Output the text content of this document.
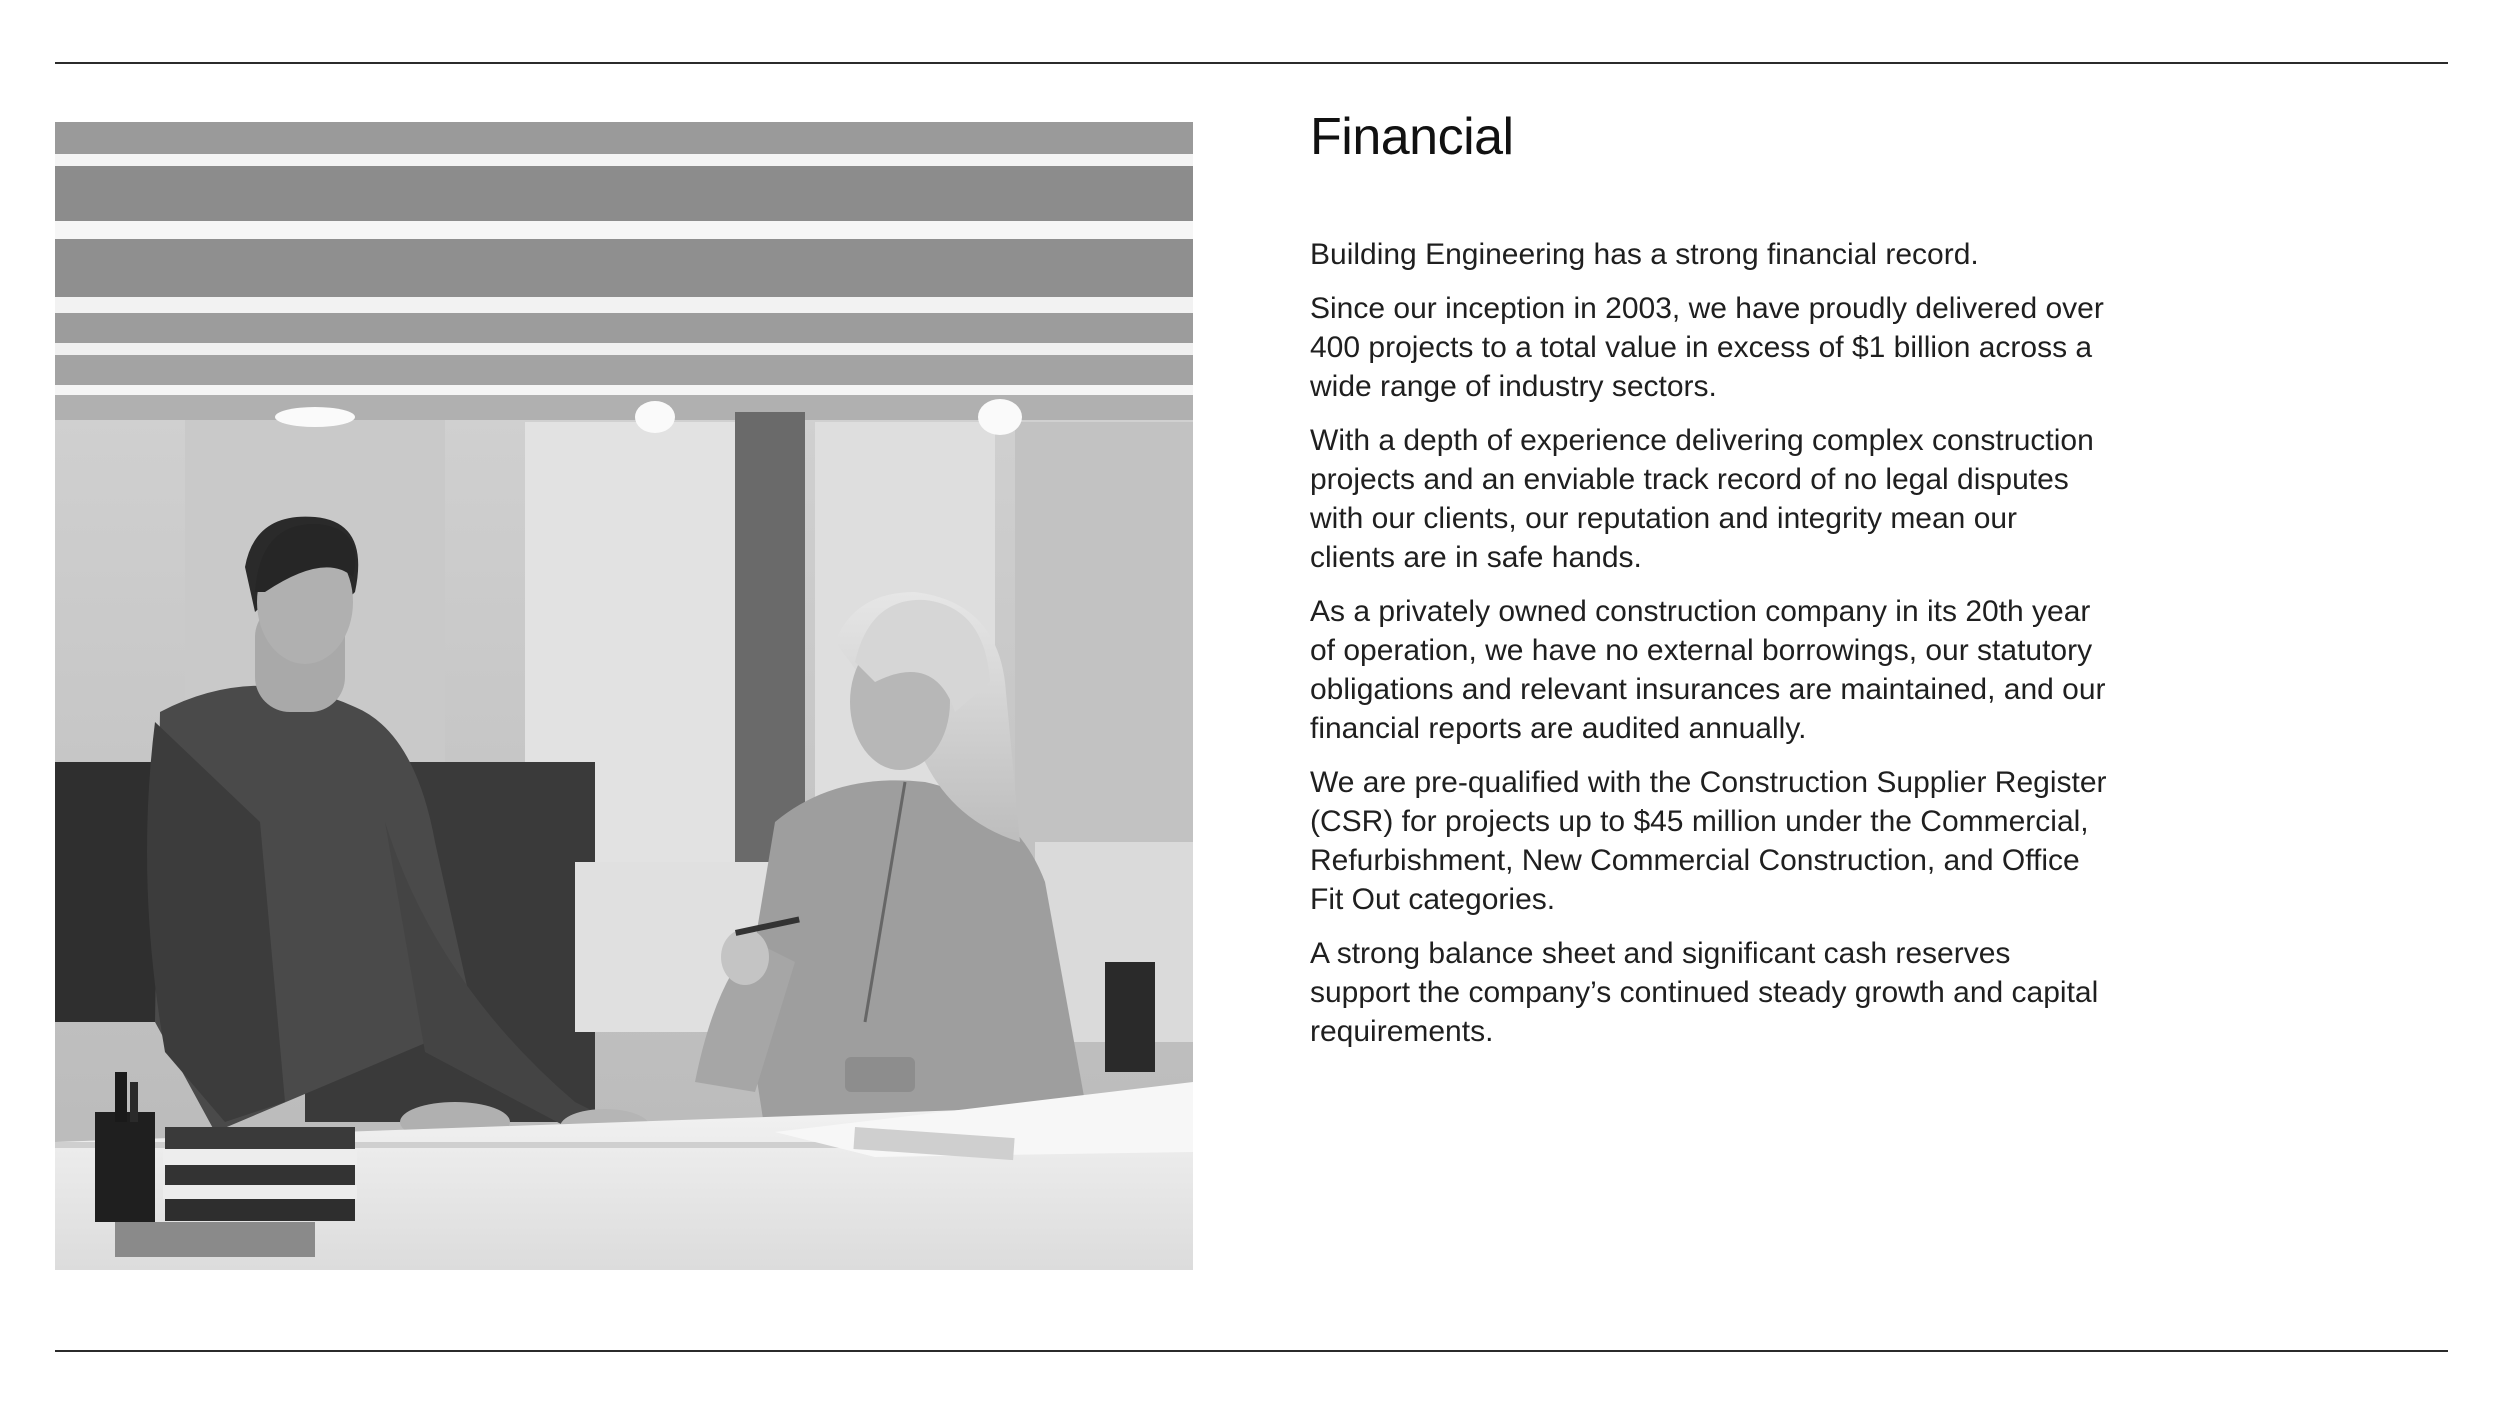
Financial

Building Engineering has a strong financial record.

Since our inception in 2003, we have proudly delivered over 400 projects to a total value in excess of $1 billion across a wide range of industry sectors.

With a depth of experience delivering complex construction projects and an enviable track record of no legal disputes with our clients, our reputation and integrity mean our clients are in safe hands.

As a privately owned construction company in its 20th year of operation, we have no external borrowings, our statutory obligations and relevant insurances are maintained, and our financial reports are audited annually.

We are pre-qualified with the Construction Supplier Register (CSR) for projects up to $45 million under the Commercial, Refurbishment, New Commercial Construction, and Office Fit Out categories.

A strong balance sheet and significant cash reserves support the company’s continued steady growth and capital requirements.
